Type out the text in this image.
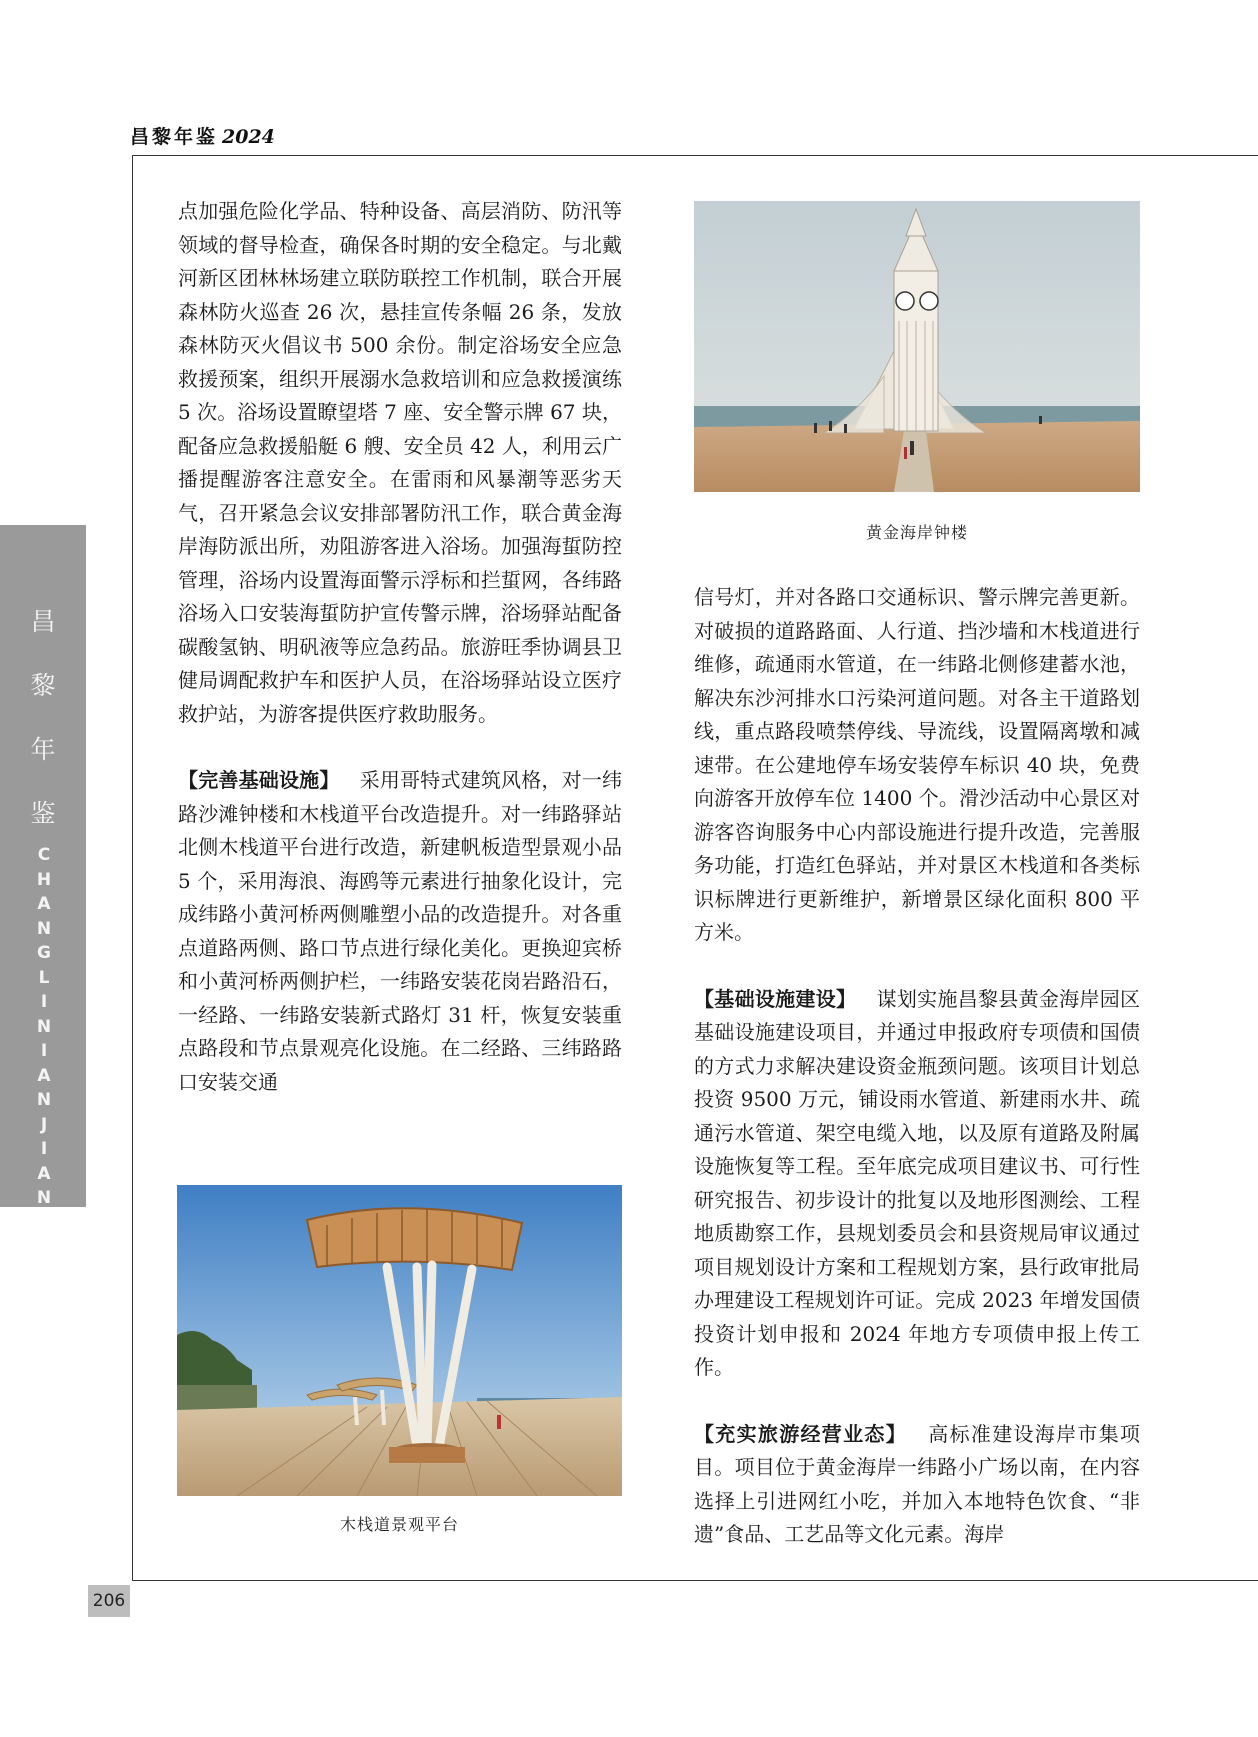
昌黎年鉴 2024
昌
黎
年
鉴
C
H
A
N
G
L
I
N
I
A
N
J
I
A
N

点加强危险化学品、特种设备、高层消防、防汛等领域的督导检查，确保各时期的安全稳定。与北戴河新区团林林场建立联防联控工作机制，联合开展森林防火巡查 26 次，悬挂宣传条幅 26 条，发放森林防灭火倡议书 500 余份。制定浴场安全应急救援预案，组织开展溺水急救培训和应急救援演练 5 次。浴场设置瞭望塔 7 座、安全警示牌 67 块，配备应急救援船艇 6 艘、安全员 42 人，利用云广播提醒游客注意安全。在雷雨和风暴潮等恶劣天气，召开紧急会议安排部署防汛工作，联合黄金海岸海防派出所，劝阻游客进入浴场。加强海蜇防控管理，浴场内设置海面警示浮标和拦蜇网，各纬路浴场入口安装海蜇防护宣传警示牌，浴场驿站配备碳酸氢钠、明矾液等应急药品。旅游旺季协调县卫健局调配救护车和医护人员，在浴场驿站设立医疗救护站，为游客提供医疗救助服务。

【完善基础设施】  采用哥特式建筑风格，对一纬路沙滩钟楼和木栈道平台改造提升。对一纬路驿站北侧木栈道平台进行改造，新建帆板造型景观小品 5 个，采用海浪、海鸥等元素进行抽象化设计，完成纬路小黄河桥两侧雕塑小品的改造提升。对各重点道路两侧、路口节点进行绿化美化。更换迎宾桥和小黄河桥两侧护栏，一纬路安装花岗岩路沿石，一经路、一纬路安装新式路灯 31 杆，恢复安装重点路段和节点景观亮化设施。在二经路、三纬路路口安装交通

木栈道景观平台
黄金海岸钟楼

信号灯，并对各路口交通标识、警示牌完善更新。对破损的道路路面、人行道、挡沙墙和木栈道进行维修，疏通雨水管道，在一纬路北侧修建蓄水池，解决东沙河排水口污染河道问题。对各主干道路划线，重点路段喷禁停线、导流线，设置隔离墩和减速带。在公建地停车场安装停车标识 40 块，免费向游客开放停车位 1400 个。滑沙活动中心景区对游客咨询服务中心内部设施进行提升改造，完善服务功能，打造红色驿站，并对景区木栈道和各类标识标牌进行更新维护，新增景区绿化面积 800 平方米。

【基础设施建设】  谋划实施昌黎县黄金海岸园区基础设施建设项目，并通过申报政府专项债和国债的方式力求解决建设资金瓶颈问题。该项目计划总投资 9500 万元，铺设雨水管道、新建雨水井、疏通污水管道、架空电缆入地，以及原有道路及附属设施恢复等工程。至年底完成项目建议书、可行性研究报告、初步设计的批复以及地形图测绘、工程地质勘察工作，县规划委员会和县资规局审议通过项目规划设计方案和工程规划方案，县行政审批局办理建设工程规划许可证。完成 2023 年增发国债投资计划申报和 2024 年地方专项债申报上传工作。

【充实旅游经营业态】  高标准建设海岸市集项目。项目位于黄金海岸一纬路小广场以南，在内容选择上引进网红小吃，并加入本地特色饮食、“非遗”食品、工艺品等文化元素。海岸

206
